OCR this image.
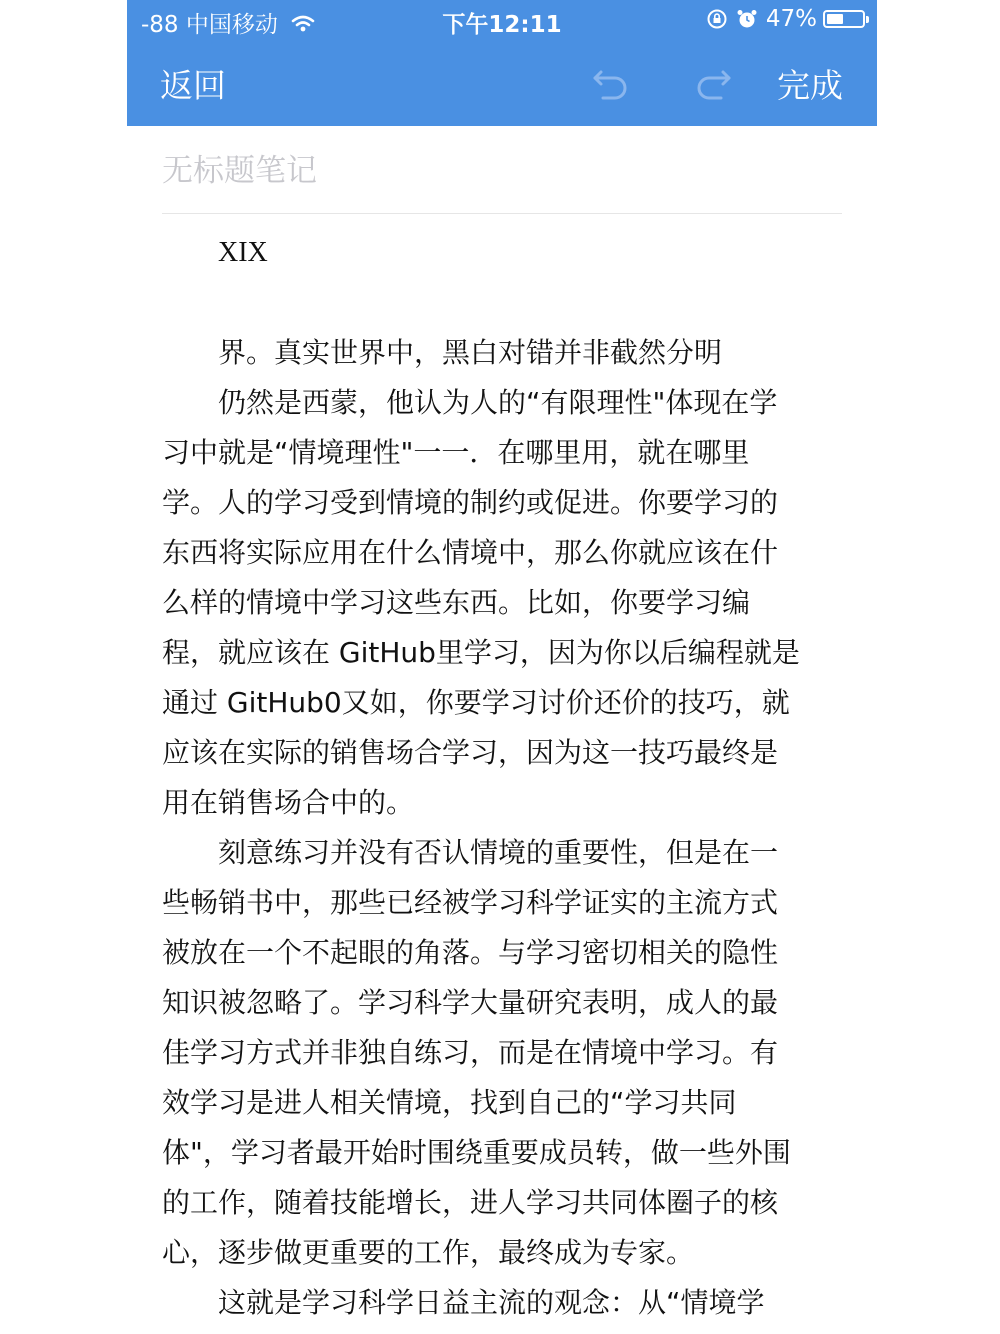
-88 中国移动	下午12:11	47%
返回	完成
无标题笔记

XIX

界。真实世界中，黑白对错并非截然分明

仍然是西蒙，他认为人的“有限理性"体现在学

习中就是“情境理性"一一．在哪里用，就在哪里

学。人的学习受到情境的制约或促进。你要学习的

东西将实际应用在什么情境中，那么你就应该在什

么样的情境中学习这些东西。比如，你要学习编

程，就应该在 GitHub里学习，因为你以后编程就是

通过 GitHub0又如，你要学习讨价还价的技巧，就

应该在实际的销售场合学习，因为这一技巧最终是

用在销售场合中的。

刻意练习并没有否认情境的重要性，但是在一

些畅销书中，那些已经被学习科学证实的主流方式

被放在一个不起眼的角落。与学习密切相关的隐性

知识被忽略了。学习科学大量研究表明，成人的最

佳学习方式并非独自练习，而是在情境中学习。有

效学习是进人相关情境，找到自己的“学习共同

体"，学习者最开始时围绕重要成员转，做一些外围

的工作，随着技能增长，进人学习共同体圈子的核

心，逐步做更重要的工作，最终成为专家。

这就是学习科学日益主流的观念：从“情境学
